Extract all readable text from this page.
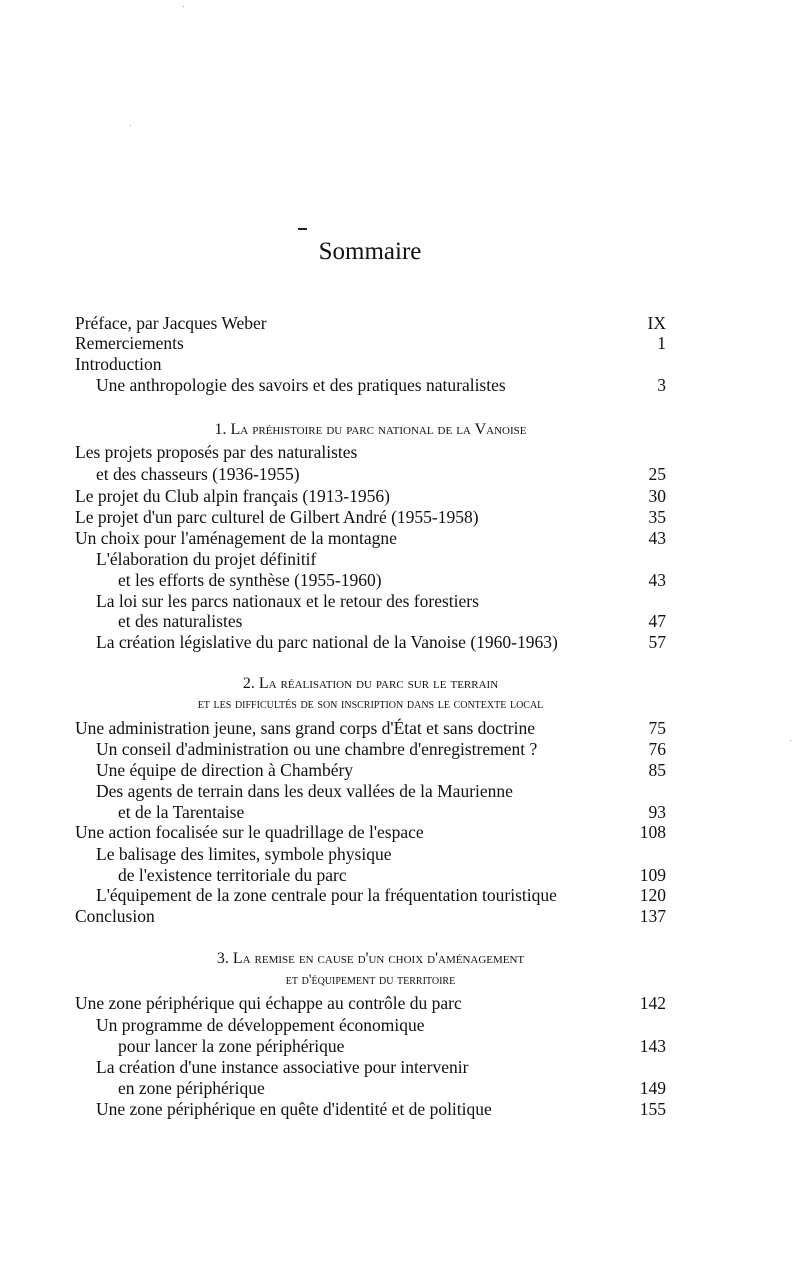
Sommaire
Préface, par Jacques Weber	IX
Remerciements	1
Introduction
Une anthropologie des savoirs et des pratiques naturalistes	3
Les projets proposés par des naturalistes
et des chasseurs (1936-1955)	25
Le projet du Club alpin français (1913-1956)	30
Le projet d'un parc culturel de Gilbert André (1955-1958)	35
Un choix pour l'aménagement de la montagne	43
L'élaboration du projet définitif
et les efforts de synthèse (1955-1960)	43
La loi sur les parcs nationaux et le retour des forestiers
et des naturalistes	47
La création législative du parc national de la Vanoise (1960-1963)	57
Une administration jeune, sans grand corps d'État et sans doctrine	75
Un conseil d'administration ou une chambre d'enregistrement ?	76
Une équipe de direction à Chambéry	85
Des agents de terrain dans les deux vallées de la Maurienne
et de la Tarentaise	93
Une action focalisée sur le quadrillage de l'espace	108
Le balisage des limites, symbole physique
de l'existence territoriale du parc	109
L'équipement de la zone centrale pour la fréquentation touristique	120
Conclusion	137
Une zone périphérique qui échappe au contrôle du parc	142
Un programme de développement économique
pour lancer la zone périphérique	143
La création d'une instance associative pour intervenir
en zone périphérique	149
Une zone périphérique en quête d'identité et de politique	155
1. La préhistoire du parc national de la Vanoise
2. La réalisation du parc sur le terrain
et les difficultés de son inscription dans le contexte local
3. La remise en cause d'un choix d'aménagement
et d'équipement du territoire
